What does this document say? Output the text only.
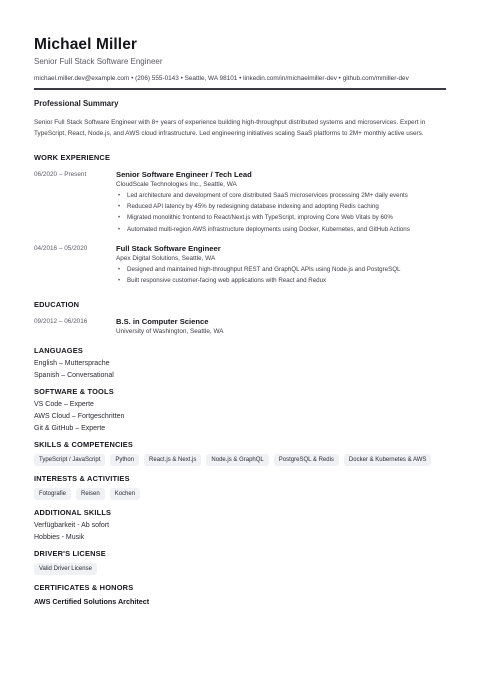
Michael Miller
Senior Full Stack Software Engineer
michael.miller.dev@example.com • (206) 555-0143 • Seattle, WA 98101 • linkedin.com/in/michaelmiller-dev • github.com/mmiller-dev
Professional Summary
Senior Full Stack Software Engineer with 8+ years of experience building high-throughput distributed systems and microservices. Expert in TypeScript, React, Node.js, and AWS cloud infrastructure. Led engineering initiatives scaling SaaS platforms to 2M+ monthly active users.
WORK EXPERIENCE
06/2020 – Present	Senior Software Engineer / Tech Lead
CloudScale Technologies Inc., Seattle, WA
• Led architecture and development of core distributed SaaS microservices processing 2M+ daily events
• Reduced API latency by 45% by redesigning database indexing and adopting Redis caching
• Migrated monolithic frontend to React/Next.js with TypeScript, improving Core Web Vitals by 60%
• Automated multi-region AWS infrastructure deployments using Docker, Kubernetes, and GitHub Actions
04/2016 – 05/2020	Full Stack Software Engineer
Apex Digital Solutions, Seattle, WA
• Designed and maintained high-throughput REST and GraphQL APIs using Node.js and PostgreSQL
• Built responsive customer-facing web applications with React and Redux
EDUCATION
09/2012 – 06/2016	B.S. in Computer Science
University of Washington, Seattle, WA
LANGUAGES
English – Muttersprache
Spanish – Conversational
SOFTWARE & TOOLS
VS Code – Experte
AWS Cloud – Fortgeschritten
Git & GitHub – Experte
SKILLS & COMPETENCIES
TypeScript / JavaScript	Python	React.js & Next.js	Node.js & GraphQL	PostgreSQL & Redis	Docker & Kubernetes & AWS
INTERESTS & ACTIVITIES
Fotografie	Reisen	Kochen
ADDITIONAL SKILLS
Verfügbarkeit - Ab sofort
Hobbies - Musik
DRIVER'S LICENSE
Valid Driver License
CERTIFICATES & HONORS
AWS Certified Solutions Architect
